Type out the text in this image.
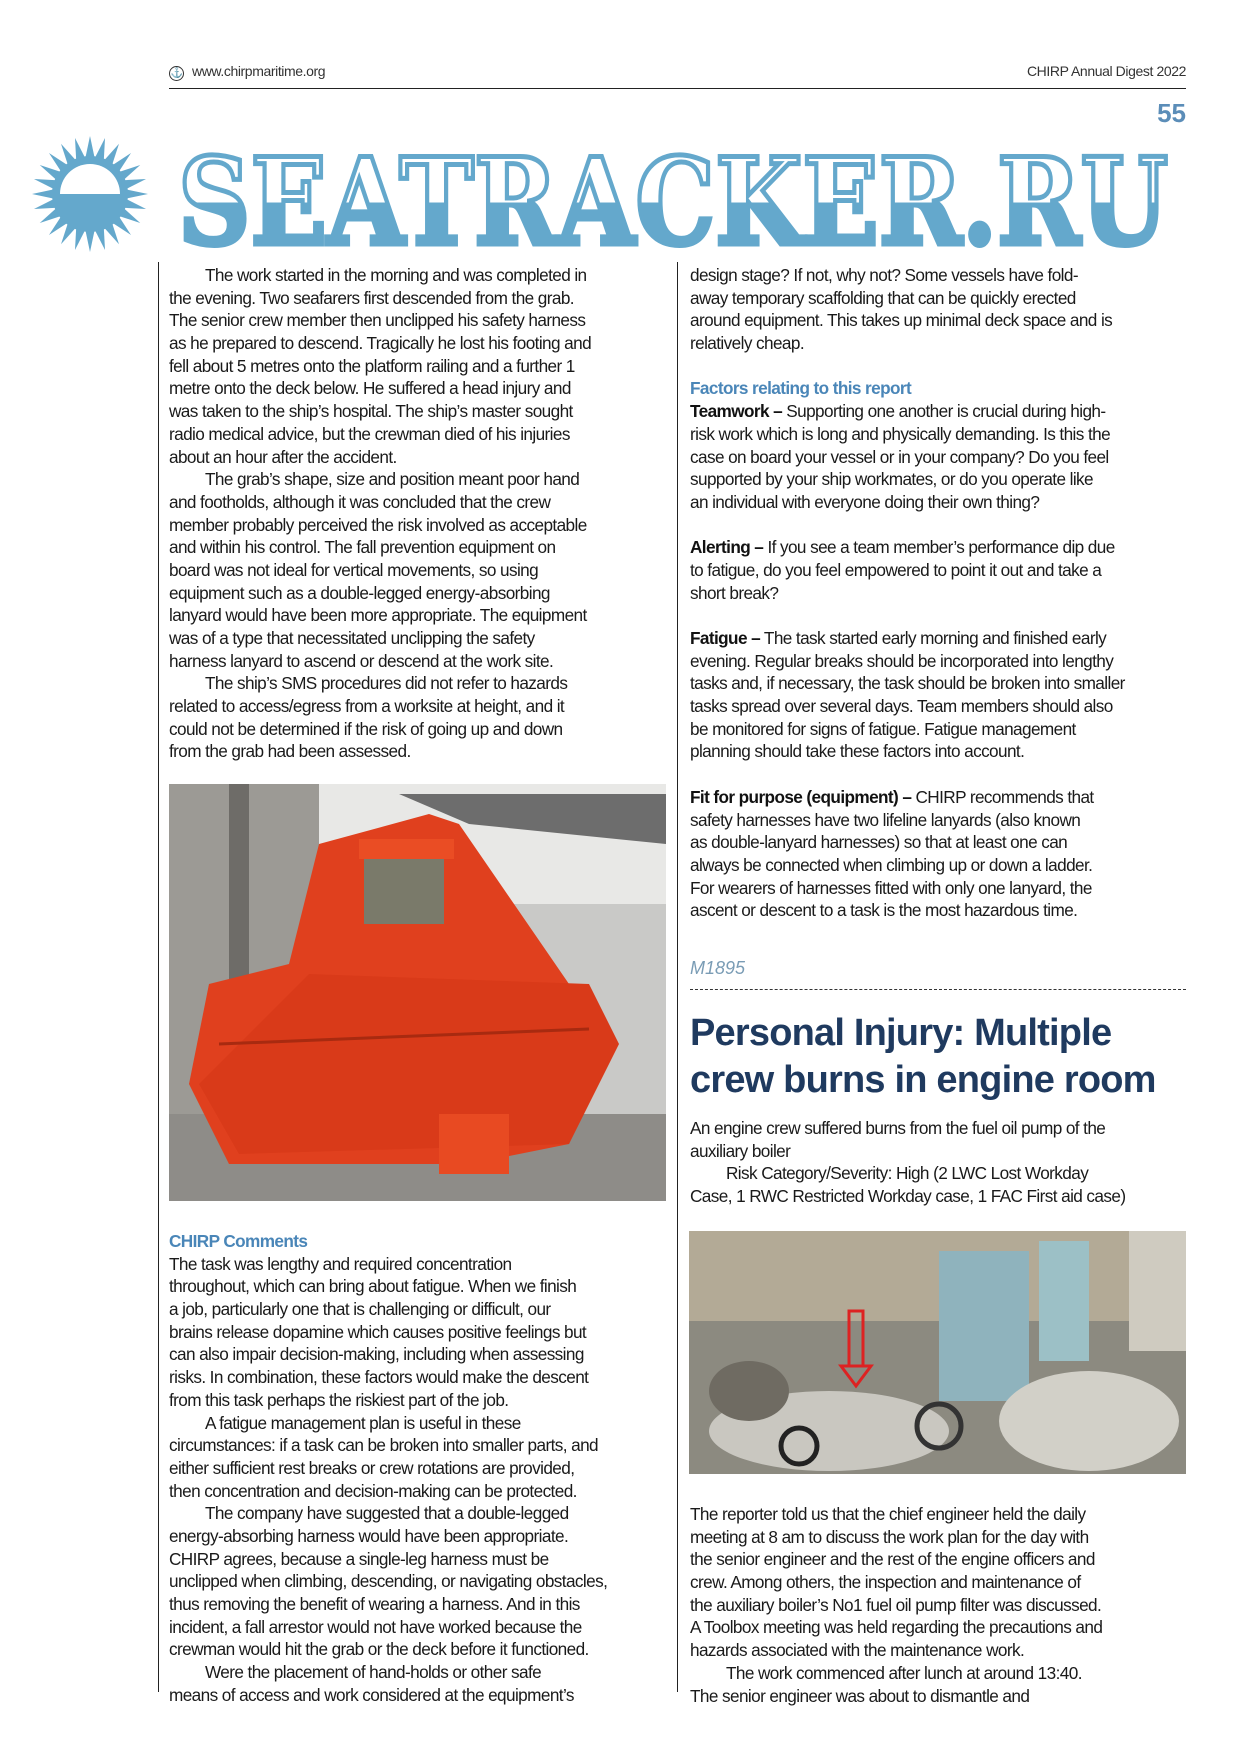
⚓ www.chirpmaritime.org	CHIRP Annual Digest 2022
55
SEATRACKER.RU
The work started in the morning and was completed in
the evening. Two seafarers first descended from the grab.
The senior crew member then unclipped his safety harness
as he prepared to descend. Tragically he lost his footing and
fell about 5 metres onto the platform railing and a further 1
metre onto the deck below. He suffered a head injury and
was taken to the ship’s hospital. The ship’s master sought
radio medical advice, but the crewman died of his injuries
about an hour after the accident.
The grab’s shape, size and position meant poor hand
and footholds, although it was concluded that the crew
member probably perceived the risk involved as acceptable
and within his control. The fall prevention equipment on
board was not ideal for vertical movements, so using
equipment such as a double-legged energy-absorbing
lanyard would have been more appropriate. The equipment
was of a type that necessitated unclipping the safety
harness lanyard to ascend or descend at the work site.
The ship’s SMS procedures did not refer to hazards
related to access/egress from a worksite at height, and it
could not be determined if the risk of going up and down
from the grab had been assessed.
CHIRP Comments
The task was lengthy and required concentration
throughout, which can bring about fatigue. When we finish
a job, particularly one that is challenging or difficult, our
brains release dopamine which causes positive feelings but
can also impair decision-making, including when assessing
risks. In combination, these factors would make the descent
from this task perhaps the riskiest part of the job.
A fatigue management plan is useful in these
circumstances: if a task can be broken into smaller parts, and
either sufficient rest breaks or crew rotations are provided,
then concentration and decision-making can be protected.
The company have suggested that a double-legged
energy-absorbing harness would have been appropriate.
CHIRP agrees, because a single-leg harness must be
unclipped when climbing, descending, or navigating obstacles,
thus removing the benefit of wearing a harness. And in this
incident, a fall arrestor would not have worked because the
crewman would hit the grab or the deck before it functioned.
Were the placement of hand-holds or other safe
means of access and work considered at the equipment’s
design stage? If not, why not? Some vessels have fold-
away temporary scaffolding that can be quickly erected
around equipment. This takes up minimal deck space and is
relatively cheap.
Factors relating to this report
Teamwork – Supporting one another is crucial during high-
risk work which is long and physically demanding. Is this the
case on board your vessel or in your company? Do you feel
supported by your ship workmates, or do you operate like
an individual with everyone doing their own thing?
Alerting – If you see a team member’s performance dip due
to fatigue, do you feel empowered to point it out and take a
short break?
Fatigue – The task started early morning and finished early
evening. Regular breaks should be incorporated into lengthy
tasks and, if necessary, the task should be broken into smaller
tasks spread over several days. Team members should also
be monitored for signs of fatigue. Fatigue management
planning should take these factors into account.
Fit for purpose (equipment) – CHIRP recommends that
safety harnesses have two lifeline lanyards (also known
as double-lanyard harnesses) so that at least one can
always be connected when climbing up or down a ladder.
For wearers of harnesses fitted with only one lanyard, the
ascent or descent to a task is the most hazardous time.
M1895
Personal Injury: Multiple
crew burns in engine room
An engine crew suffered burns from the fuel oil pump of the
auxiliary boiler
Risk Category/Severity: High (2 LWC Lost Workday
Case, 1 RWC Restricted Workday case, 1 FAC First aid case)
The reporter told us that the chief engineer held the daily
meeting at 8 am to discuss the work plan for the day with
the senior engineer and the rest of the engine officers and
crew. Among others, the inspection and maintenance of
the auxiliary boiler’s No1 fuel oil pump filter was discussed.
A Toolbox meeting was held regarding the precautions and
hazards associated with the maintenance work.
The work commenced after lunch at around 13:40.
The senior engineer was about to dismantle and
